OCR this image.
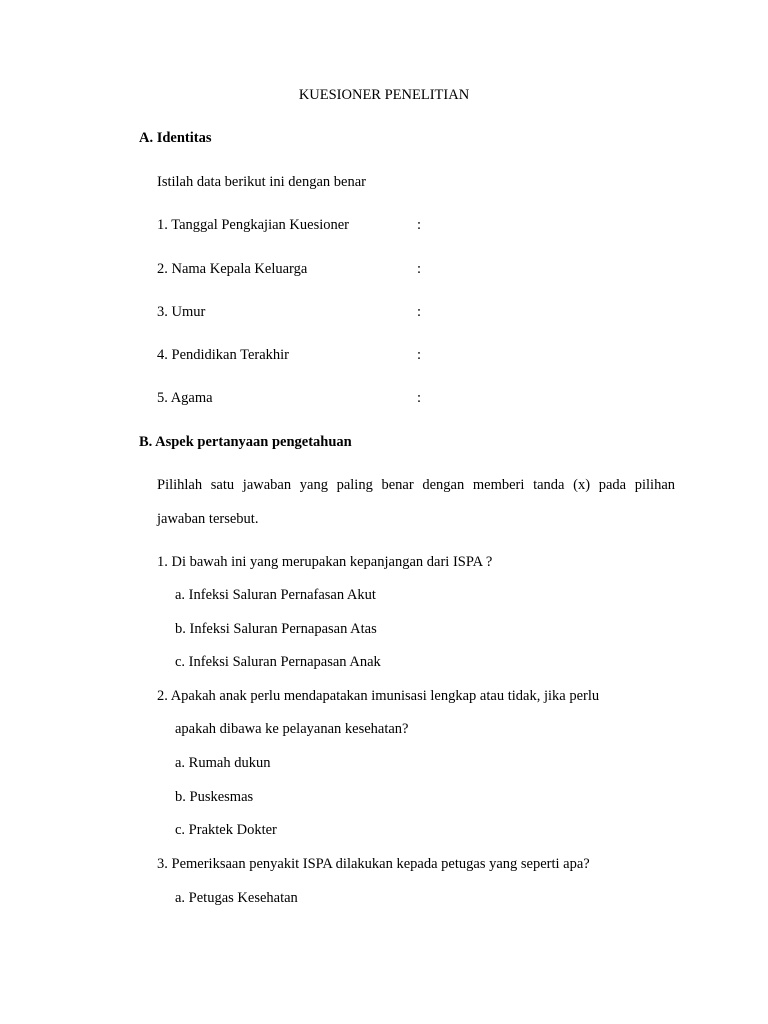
KUESIONER PENELITIAN
A. Identitas
Istilah data berikut ini dengan benar
1. Tanggal Pengkajian Kuesioner	:
2. Nama Kepala Keluarga	:
3. Umur	:
4. Pendidikan Terakhir	:
5. Agama	:
B. Aspek pertanyaan pengetahuan
Pilihlah satu jawaban yang paling benar dengan memberi tanda (x) pada pilihan
jawaban tersebut.
1. Di bawah ini yang merupakan kepanjangan dari ISPA ?
a. Infeksi Saluran Pernafasan Akut
b. Infeksi Saluran Pernapasan Atas
c. Infeksi Saluran Pernapasan Anak
2. Apakah anak perlu mendapatakan imunisasi lengkap atau tidak, jika perlu
apakah dibawa ke pelayanan kesehatan?
a. Rumah dukun
b. Puskesmas
c. Praktek Dokter
3. Pemeriksaan penyakit ISPA dilakukan kepada petugas yang seperti apa?
a. Petugas Kesehatan
